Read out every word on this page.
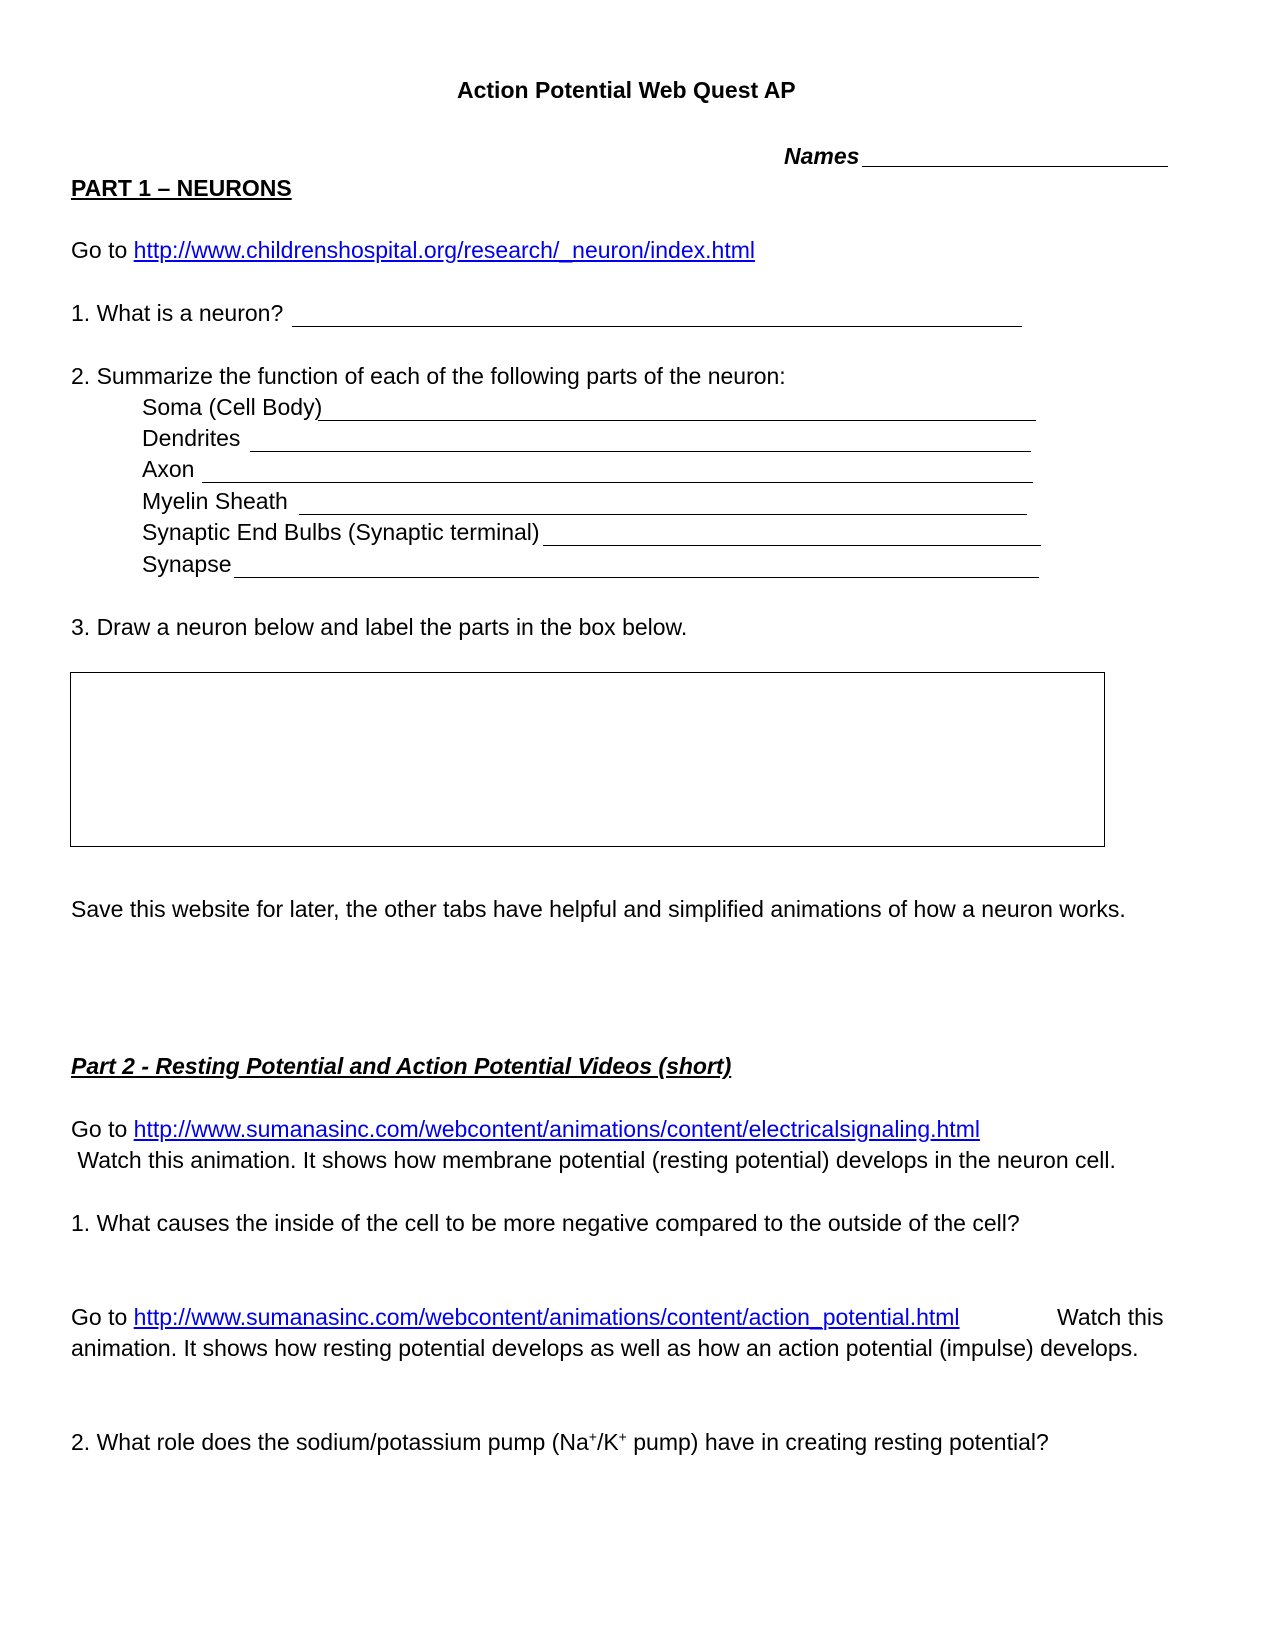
Action Potential Web Quest AP
Names
PART 1 – NEURONS
Go to http://www.childrenshospital.org/research/_neuron/index.html
1. What is a neuron?
2. Summarize the function of each of the following parts of the neuron:
Soma (Cell Body)
Dendrites
Axon
Myelin Sheath
Synaptic End Bulbs (Synaptic terminal)
Synapse
3. Draw a neuron below and label the parts in the box below.
Save this website for later, the other tabs have helpful and simplified animations of how a neuron works.
Part 2 - Resting Potential and Action Potential Videos (short)
Go to http://www.sumanasinc.com/webcontent/animations/content/electricalsignaling.html
Watch this animation. It shows how membrane potential (resting potential) develops in the neuron cell.
1. What causes the inside of the cell to be more negative compared to the outside of the cell?
Go to http://www.sumanasinc.com/webcontent/animations/content/action_potential.html	Watch this
animation. It shows how resting potential develops as well as how an action potential (impulse) develops.
2. What role does the sodium/potassium pump (Na+/K+ pump) have in creating resting potential?
